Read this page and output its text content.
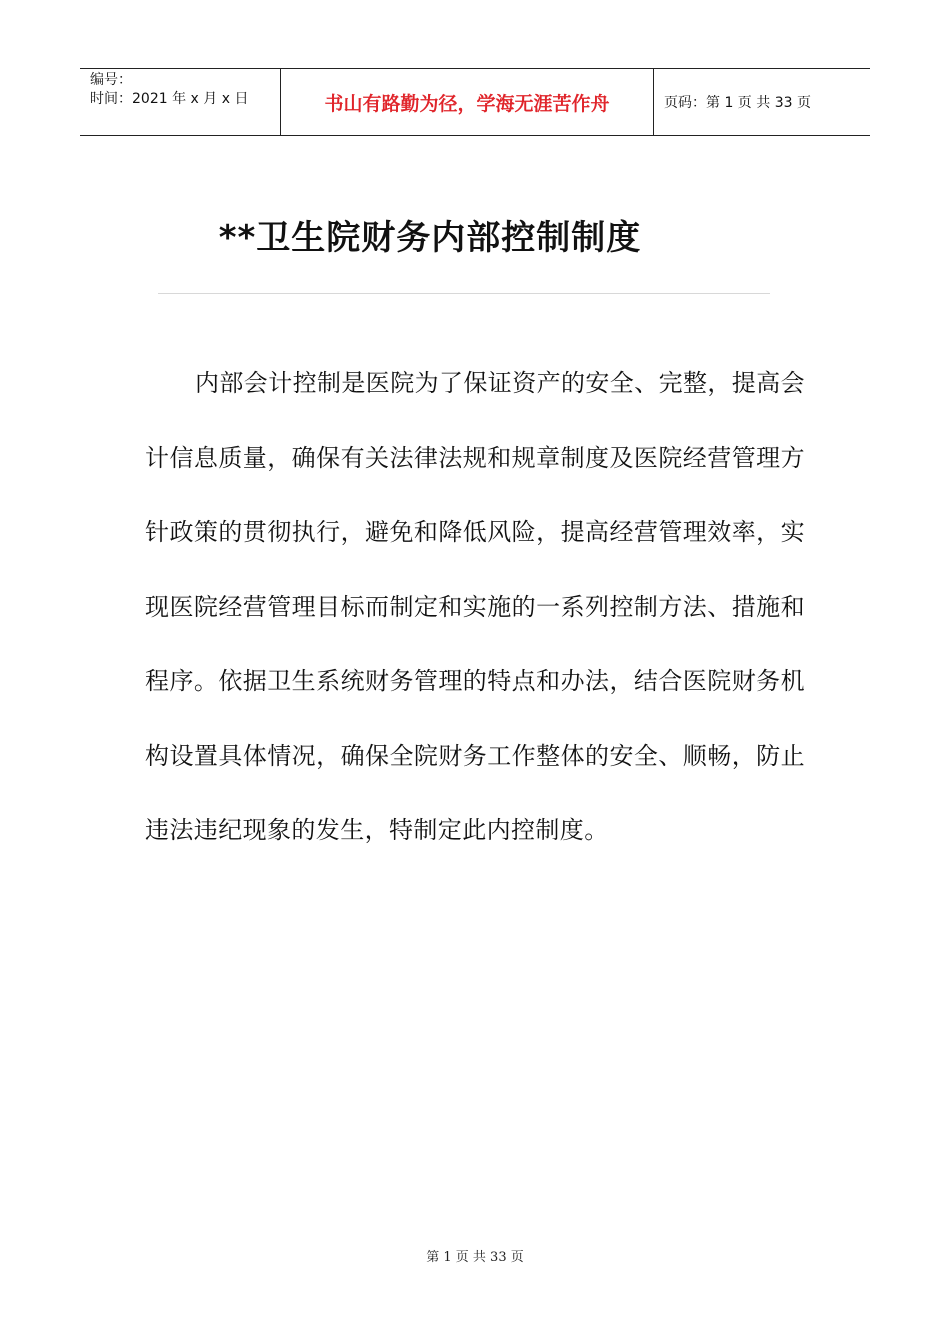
编号：
时间：2021 年 x 月 x 日	书山有路勤为径，学海无涯苦作舟	页码：第 1 页 共 33 页
**卫生院财务内部控制制度
内部会计控制是医院为了保证资产的安全、完整，提高会计信息质量，确保有关法律法规和规章制度及医院经营管理方针政策的贯彻执行，避免和降低风险，提高经营管理效率，实现医院经营管理目标而制定和实施的一系列控制方法、措施和程序。依据卫生系统财务管理的特点和办法，结合医院财务机构设置具体情况，确保全院财务工作整体的安全、顺畅，防止违法违纪现象的发生，特制定此内控制度。
第 1 页 共 33 页
